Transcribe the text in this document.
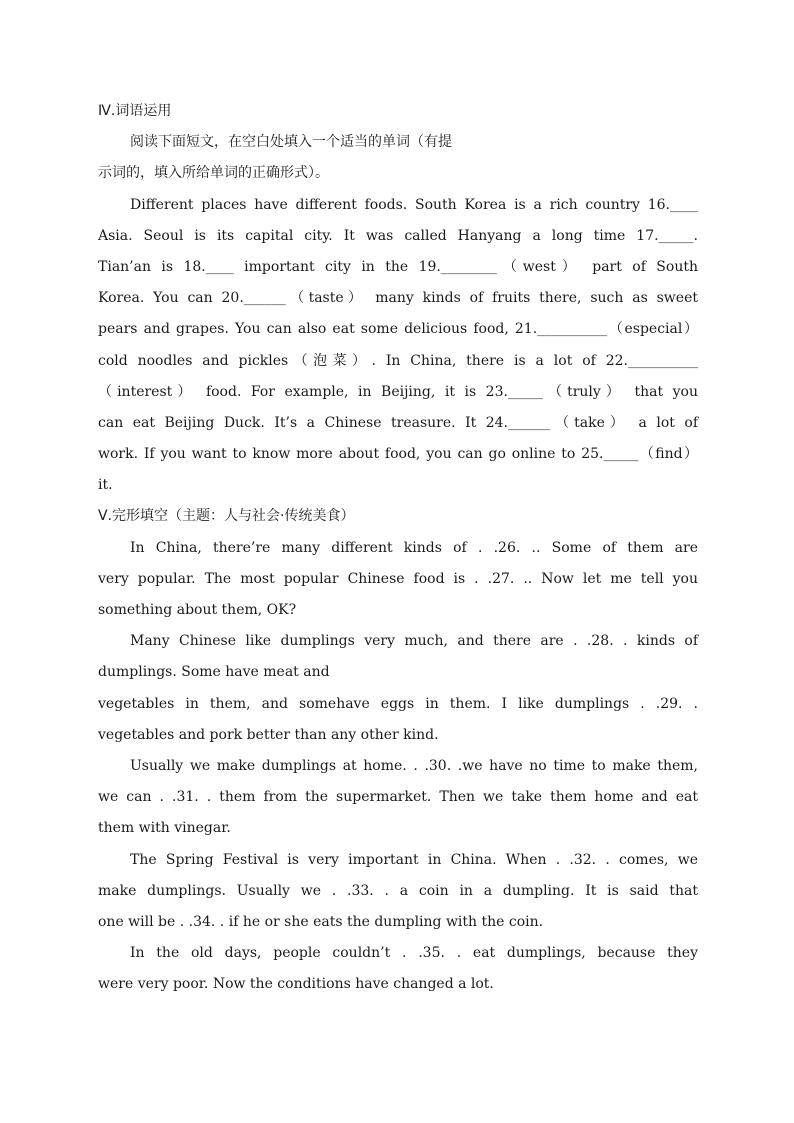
Ⅳ.词语运用
阅读下面短文，在空白处填入一个适当的单词（有提
示词的，填入所给单词的正确形式）。
Different places have different foods. South Korea is a rich country 16.____
Asia. Seoul is its capital city. It was called Hanyang a long time 17._____.
Tian’an is 18.____ important city in the 19.________（west） part of South
Korea. You can 20.______（taste） many kinds of fruits there, such as sweet
pears and grapes. You can also eat some delicious food, 21.__________（especial）
cold noodles and pickles（泡菜）. In China, there is a lot of 22.__________
（interest） food. For example, in Beijing, it is 23._____（truly） that you
can eat Beijing Duck. It’s a Chinese treasure. It 24.______（take） a lot of
work. If you want to know more about food, you can go online to 25._____（find）
it.
Ⅴ.完形填空（主题：人与社会·传统美食）
In China, there’re many different kinds of . .26. .. Some of them are
very popular. The most popular Chinese food is . .27. .. Now let me tell you
something about them, OK?
Many Chinese like dumplings very much, and there are . .28. . kinds of
dumplings. Some have meat and
vegetables in them, and somehave eggs in them. I like dumplings . .29. .
vegetables and pork better than any other kind.
Usually we make dumplings at home. . .30. .we have no time to make them,
we can . .31. . them from the supermarket. Then we take them home and eat
them with vinegar.
The Spring Festival is very important in China. When . .32. . comes, we
make dumplings. Usually we . .33. . a coin in a dumpling. It is said that
one will be . .34. . if he or she eats the dumpling with the coin.
In the old days, people couldn’t . .35. . eat dumplings, because they
were very poor. Now the conditions have changed a lot.
